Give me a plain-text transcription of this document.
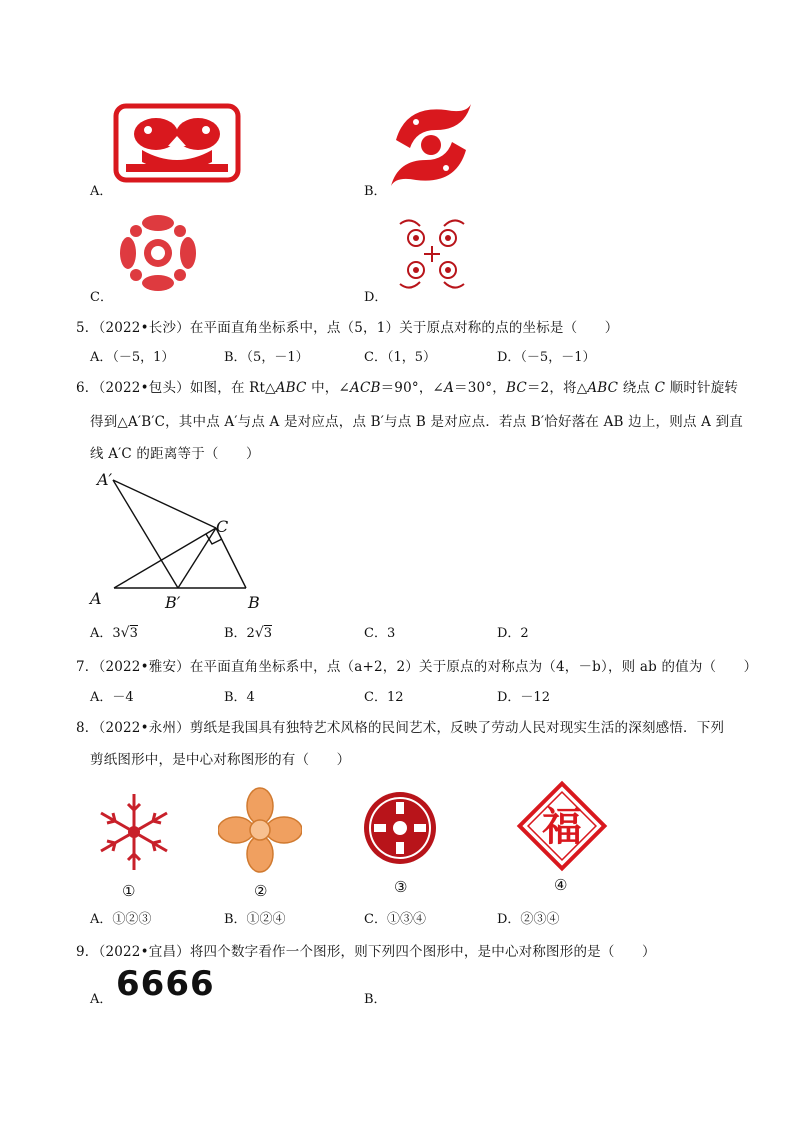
A．	B．
C．	D．
5．（2022•长沙）在平面直角坐标系中，点（5，1）关于原点对称的点的坐标是（　　）
A．（－5，1）	B．（5，－1）	C．（1，5）	D．（－5，－1）
6．（2022•包头）如图，在 Rt△ABC 中，∠ACB＝90°，∠A＝30°，BC＝2，将△ABC 绕点 C 顺时针旋转
得到△A′B′C，其中点 A′与点 A 是对应点，点 B′与点 B 是对应点．若点 B′恰好落在 AB 边上，则点 A 到直
线 A′C 的距离等于（　　）
A′
C
A	B′	B
A．3√3	B．2√3	C．3	D．2
7．（2022•雅安）在平面直角坐标系中，点（a+2，2）关于原点的对称点为（4，－b），则 ab 的值为（　　）
A．－4	B．4	C．12	D．－12
8．（2022•永州）剪纸是我国具有独特艺术风格的民间艺术，反映了劳动人民对现实生活的深刻感悟．下列
剪纸图形中，是中心对称图形的有（　　）
①	②	③
福
④
A．①②③	B．①②④	C．①③④	D．②③④
9．（2022•宜昌）将四个数字看作一个图形，则下列四个图形中，是中心对称图形的是（　　）
A． 6666	B．
